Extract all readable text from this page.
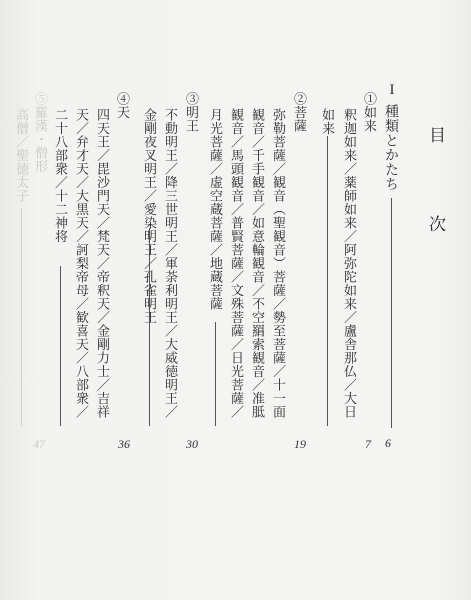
目 次
I
種類とかたち
6
①如来
釈迦如来／薬師如来／阿弥陀如来／盧舎那仏／大日
如来
7
②菩薩
弥勒菩薩／観音（聖観音）菩薩／勢至菩薩／十一面
観音／千手観音／如意輪観音／不空羂索観音／准胝
観音／馬頭観音／普賢菩薩／文殊菩薩／日光菩薩／
月光菩薩／虚空蔵菩薩／地蔵菩薩
19
③明王
不動明王／降三世明王／軍荼利明王／大威徳明王／
金剛夜叉明王／愛染明王／孔雀明王
30
④天
四天王／毘沙門天／梵天／帝釈天／金剛力士／吉祥
天／弁才天／大黒天／訶梨帝母／歓喜天／八部衆／
二十八部衆／十二神将
36
⑤羅漢・僧形
高僧／聖徳太子
47
